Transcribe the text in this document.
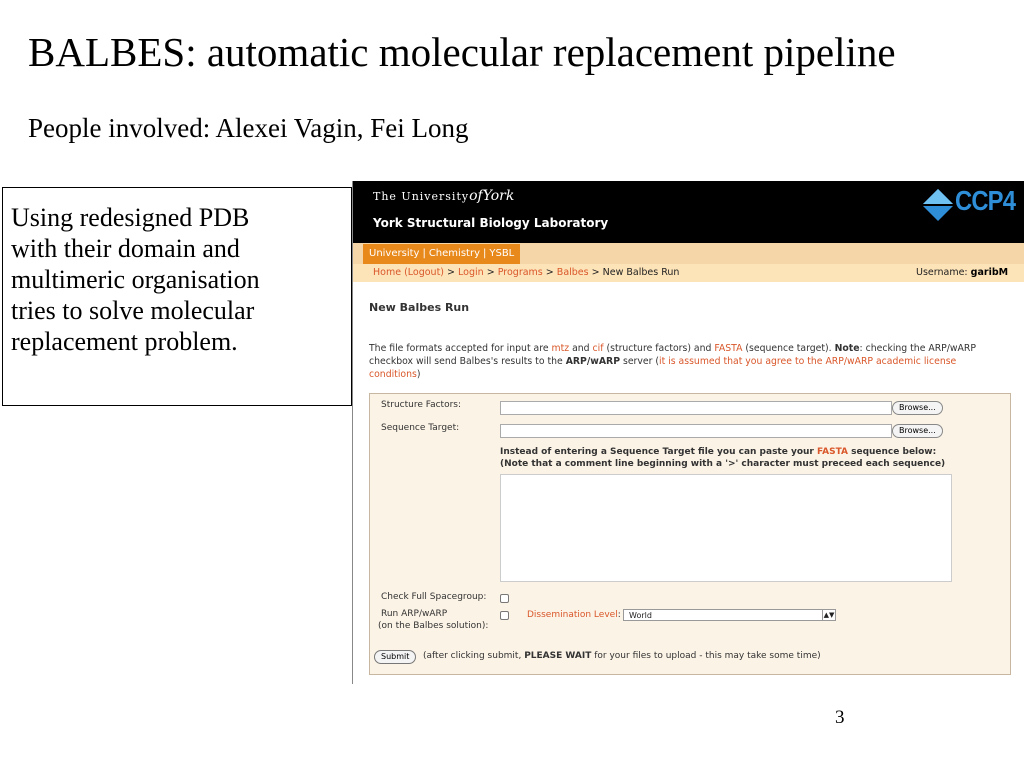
BALBES: automatic molecular replacement pipeline
People involved: Alexei Vagin, Fei Long
Using redesigned PDB
with their domain and
multimeric organisation
tries to solve molecular
replacement problem.
The UniversityofYork
York Structural Biology Laboratory
CCP4
University | Chemistry | YSBL
Home (Logout) > Login > Programs > Balbes > New Balbes Run	Username: garibM
New Balbes Run
The file formats accepted for input are mtz and cif (structure factors) and FASTA (sequence target). Note: checking the ARP/wARP checkbox will send Balbes's results to the ARP/wARP server (it is assumed that you agree to the ARP/wARP academic license conditions)
Structure Factors:	Browse...
Sequence Target:	Browse...
Instead of entering a Sequence Target file you can paste your FASTA sequence below:
(Note that a comment line beginning with a '>' character must preceed each sequence)
Check Full Spacegroup:
Run ARP/wARP
(on the Balbes solution):
Dissemination Level:	World	▲▼
Submit	(after clicking submit, PLEASE WAIT for your files to upload - this may take some time)
3
